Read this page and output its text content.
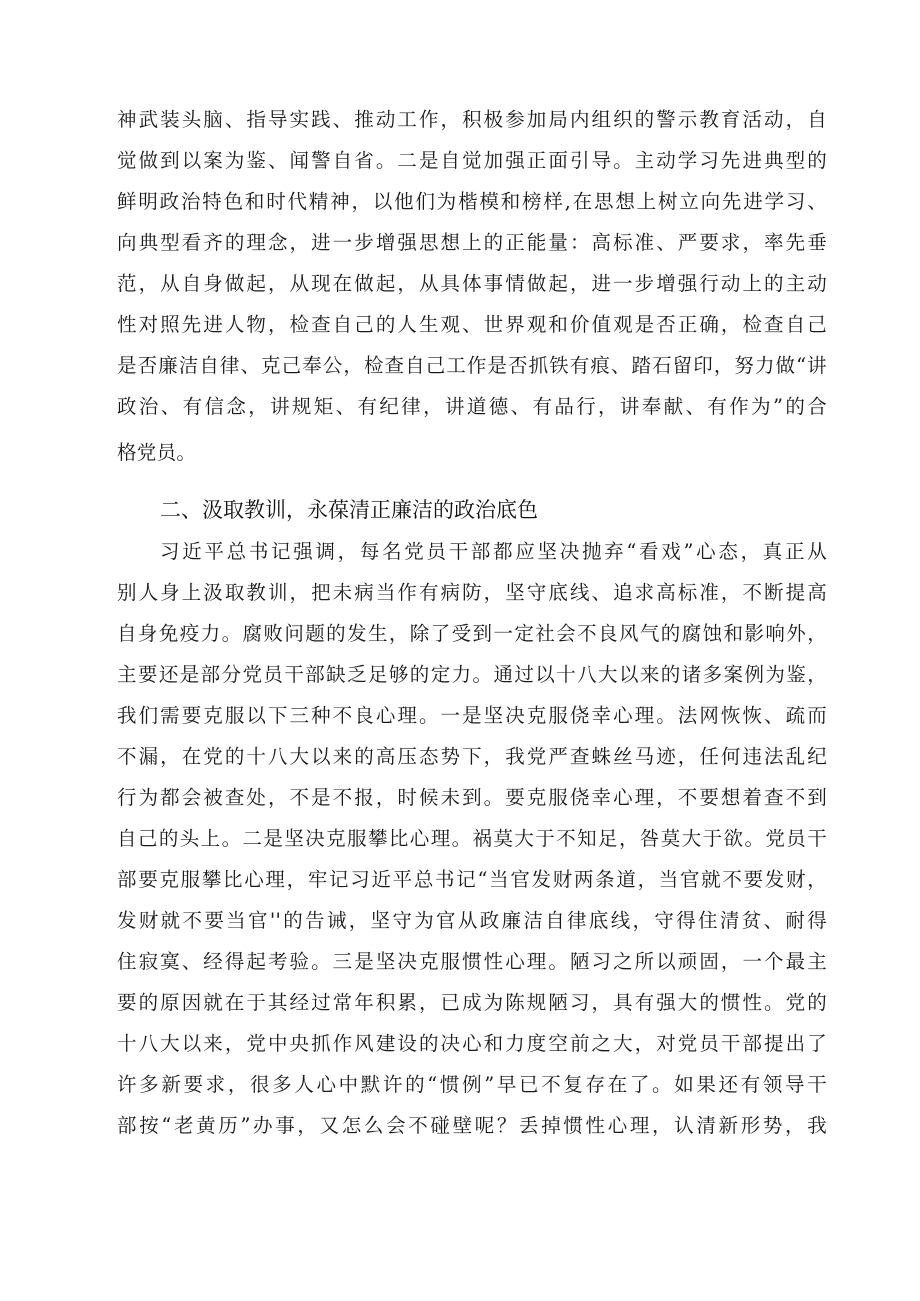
神武装头脑、指导实践、推动工作，积极参加局内组织的警示教育活动，自
觉做到以案为鉴、闻警自省。二是自觉加强正面引导。主动学习先进典型的
鲜明政治特色和时代精神，以他们为楷模和榜样,在思想上树立向先进学习、
向典型看齐的理念，进一步增强思想上的正能量：高标准、严要求，率先垂
范，从自身做起，从现在做起，从具体事情做起，进一步增强行动上的主动
性对照先进人物，检查自己的人生观、世界观和价值观是否正确，检查自己
是否廉洁自律、克己奉公，检查自己工作是否抓铁有痕、踏石留印，努力做“讲
政治、有信念，讲规矩、有纪律，讲道德、有品行，讲奉献、有作为”的合
格党员。
二、汲取教训，永葆清正廉洁的政治底色
习近平总书记强调，每名党员干部都应坚决抛弃“看戏”心态，真正从
别人身上汲取教训，把未病当作有病防，坚守底线、追求高标准，不断提高
自身免疫力。腐败问题的发生，除了受到一定社会不良风气的腐蚀和影响外，
主要还是部分党员干部缺乏足够的定力。通过以十八大以来的诸多案例为鉴，
我们需要克服以下三种不良心理。一是坚决克服侥幸心理。法网恢恢、疏而
不漏，在党的十八大以来的高压态势下，我党严查蛛丝马迹，任何违法乱纪
行为都会被查处，不是不报，时候未到。要克服侥幸心理，不要想着查不到
自己的头上。二是坚决克服攀比心理。祸莫大于不知足，咎莫大于欲。党员干
部要克服攀比心理，牢记习近平总书记“当官发财两条道，当官就不要发财，
发财就不要当官''的告诫，坚守为官从政廉洁自律底线，守得住清贫、耐得
住寂寞、经得起考验。三是坚决克服惯性心理。陋习之所以顽固，一个最主
要的原因就在于其经过常年积累，已成为陈规陋习，具有强大的惯性。党的
十八大以来，党中央抓作风建设的决心和力度空前之大，对党员干部提出了
许多新要求，很多人心中默许的“惯例”早已不复存在了。如果还有领导干
部按“老黄历”办事，又怎么会不碰壁呢？丢掉惯性心理，认清新形势，我
